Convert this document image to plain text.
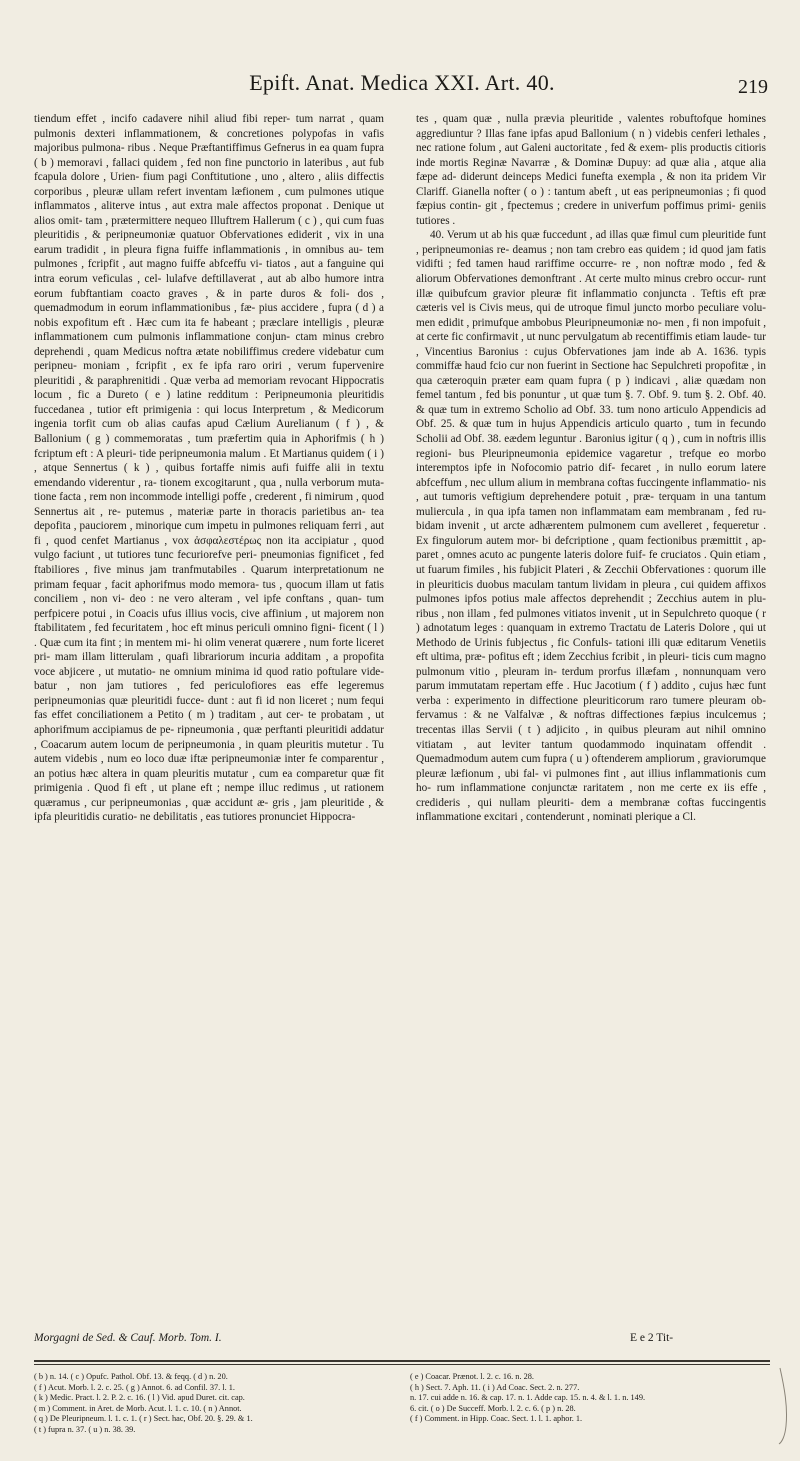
Epift. Anat. Medica XXI. Art. 40.	219

tiendum effet , incifo cadavere nihil aliud fibi reper- tum narrat , quam pulmonis dexteri inflammationem, & concretiones polypofas in vafis majoribus pulmona- ribus . Neque Præftantiffimus Gefnerus in ea quam fupra ( b ) memoravi , fallaci quidem , fed non fine punctorio in lateribus , aut fub fcapula dolore , Urien- fium pagi Conftitutione , uno , altero , aliis diffectis corporibus , pleuræ ullam refert inventam læfionem , cum pulmones utique inflammatos , aliterve intus , aut extra male affectos proponat . Denique ut alios omit- tam , prætermittere nequeo Illuftrem Hallerum ( c ) , qui cum fuas pleuritidis , & peripneumoniæ quatuor Obfervationes ediderit , vix in una earum tradidit , in pleura figna fuiffe inflammationis , in omnibus au- tem pulmones , fcripfit , aut magno fuiffe abfceffu vi- tiatos , aut a fanguine qui intra eorum veficulas , cel- lulafve deftillaverat , aut ab albo humore intra eorum fubftantiam coacto graves , & in parte duros & foli- dos , quemadmodum in eorum inflammationibus , fæ- pius accidere , fupra ( d ) a nobis expofitum eft . Hæc cum ita fe habeant ; præclare intelligis , pleuræ inflammationem cum pulmonis inflammatione conjun- ctam minus crebro deprehendi , quam Medicus noftra ætate nobiliffimus credere videbatur cum peripneu- moniam , fcripfit , ex fe ipfa raro oriri , verum fupervenire pleuritidi , & paraphrenitidi . Quæ verba ad memoriam revocant Hippocratis locum , fic a Dureto ( e ) latine redditum : Peripneumonia pleuritidis fuccedanea , tutior eft primigenia : qui locus Interpretum , & Medicorum ingenia torfit cum ob alias caufas apud Cælium Aurelianum ( f ) , & Ballonium ( g ) commemoratas , tum præfertim quia in Aphorifmis ( h ) fcriptum eft : A pleuri- tide peripneumonia malum . Et Martianus quidem ( i ) , atque Sennertus ( k ) , quibus fortaffe nimis aufi fuiffe alii in textu emendando viderentur , ra- tionem excogitarunt , qua , nulla verborum muta- tione facta , rem non incommode intelligi poffe , crederent , fi nimirum , quod Sennertus ait , re- putemus , materiæ parte in thoracis parietibus an- tea depofita , pauciorem , minorique cum impetu in pulmones reliquam ferri , aut fi , quod cenfet Martianus , vox ἀσφαλεστέρως non ita accipiatur , quod vulgo faciunt , ut tutiores tunc fecuriorefve peri- pneumonias fignificet , fed ftabiliores , five minus jam tranfmutabiles . Quarum interpretationum ne primam fequar , facit aphorifmus modo memora- tus , quocum illam ut fatis conciliem , non vi- deo : ne vero alteram , vel ipfe conftans , quan- tum perfpicere potui , in Coacis ufus illius vocis, cive affinium , ut majorem non ftabilitatem , fed fecuritatem , hoc eft minus periculi omnino figni- ficent ( l ) . Quæ cum ita fint ; in mentem mi- hi olim venerat quærere , num forte liceret pri- mam illam litterulam , quafi librariorum incuria additam , a propofita voce abjicere , ut mutatio- ne omnium minima id quod ratio poftulare vide- batur , non jam tutiores , fed periculofiores eas effe legeremus peripneumonias quæ pleuritidi fucce- dunt : aut fi id non liceret ; num fequi fas effet conciliationem a Petito ( m ) traditam , aut cer- te probatam , ut aphorifmum accipiamus de pe- ripneumonia , quæ perftanti pleuritidi addatur , Coacarum autem locum de peripneumonia , in quam pleuritis mutetur . Tu autem videbis , num eo loco duæ iftæ peripneumoniæ inter fe comparentur , an potius hæc altera in quam pleuritis mutatur , cum ea comparetur quæ fit primigenia . Quod fi eft , ut plane eft ; nempe illuc redimus , ut rationem quæramus , cur peripneumonias , quæ accidunt æ- gris , jam pleuritide , & ipfa pleuritidis curatio- ne debilitatis , eas tutiores pronunciet Hippocra-

tes , quam quæ , nulla prævia pleuritide , valentes robuftofque homines aggrediuntur ? Illas fane ipfas apud Ballonium ( n ) videbis cenferi lethales , nec ratione folum , aut Galeni auctoritate , fed & exem- plis productis citioris inde mortis Reginæ Navarræ , & Dominæ Dupuy: ad quæ alia , atque alia fæpe ad- diderunt deinceps Medici funefta exempla , & non ita pridem Vir Clariff. Gianella nofter ( o ) : tantum abeft , ut eas peripneumonias ; fi quod fæpius contin- git , fpectemus ; credere in univerfum poffimus primi- geniis tutiores .

40. Verum ut ab his quæ fuccedunt , ad illas quæ fimul cum pleuritide funt , peripneumonias re- deamus ; non tam crebro eas quidem ; id quod jam fatis vidifti ; fed tamen haud rariffime occurre- re , non noftræ modo , fed & aliorum Obfervationes demonftrant . At certe multo minus crebro occur- runt illæ quibufcum gravior pleuræ fit inflammatio conjuncta . Teftis eft præ cæteris vel is Civis meus, qui de utroque fimul juncto morbo peculiare volu- men edidit , primufque ambobus Pleuripneumoniæ no- men , fi non impofuit , at certe fic confirmavit , ut nunc pervulgatum ab recentiffimis etiam laude- tur , Vincentius Baronius : cujus Obfervationes jam inde ab A. 1636. typis commiffæ haud fcio cur non fuerint in Sectione hac Sepulchreti propofitæ , in qua cæteroquin præter eam quam fupra ( p ) indicavi , aliæ quædam non femel tantum , fed bis ponuntur , ut quæ tum §. 7. Obf. 9. tum §. 2. Obf. 40. & quæ tum in extremo Scholio ad Obf. 33. tum nono articulo Appendicis ad Obf. 25. & quæ tum in hujus Appendicis articulo quarto , tum in fecundo Scholii ad Obf. 38. eædem leguntur . Baronius igitur ( q ) , cum in noftris illis regioni- bus Pleuripneumonia epidemice vagaretur , trefque eo morbo interemptos ipfe in Nofocomio patrio dif- fecaret , in nullo eorum latere abfceffum , nec ullum alium in membrana coftas fuccingente inflammatio- nis , aut tumoris veftigium deprehendere potuit , præ- terquam in una tantum muliercula , in qua ipfa tamen non inflammatam eam membranam , fed ru- bidam invenit , ut arcte adhærentem pulmonem cum avelleret , fequeretur . Ex fingulorum autem mor- bi defcriptione , quam fectionibus præmittit , ap- paret , omnes acuto ac pungente lateris dolore fuif- fe cruciatos . Quin etiam , ut fuarum fimiles , his fubjicit Plateri , & Zecchii Obfervationes : quorum ille in pleuriticis duobus maculam tantum lividam in pleura , cui quidem affixos pulmones ipfos potius male affectos deprehendit ; Zecchius autem in plu- ribus , non illam , fed pulmones vitiatos invenit , ut in Sepulchreto quoque ( r ) adnotatum leges : quanquam in extremo Tractatu de Lateris Dolore , qui ut Methodo de Urinis fubjectus , fic Confuls- tationi illi quæ editarum Venetiis eft ultima, præ- pofitus eft ; idem Zecchius fcribit , in pleuri- ticis cum magno pulmonum vitio , pleuram in- terdum prorfus illæfam , nonnunquam vero parum immutatam repertam effe . Huc Jacotium ( f ) addito , cujus hæc funt verba : experimento in diffectione pleuriticorum raro tumere pleuram ob- fervamus : & ne Valfalvæ , & noftras diffectiones fæpius inculcemus ; trecentas illas Servii ( t ) adjicito , in quibus pleuram aut nihil omnino vitiatam , aut leviter tantum quodammodo inquinatam offendit . Quemadmodum autem cum fupra ( u ) oftenderem ampliorum , graviorumque pleuræ læfionum , ubi fal- vi pulmones fint , aut illius inflammationis cum ho- rum inflammatione conjunctæ raritatem , non me certe ex iis effe , credideris , qui nullam pleuriti- dem a membranæ coftas fuccingentis inflammatione excitari , contenderunt , nominati plerique a Cl.

Morgagni de Sed. & Cauf. Morb. Tom. I.	E e 2 Tit-
( b ) n. 14. ( c ) Opufc. Pathol. Obf. 13. & feqq. ( d ) n. 20.
( f ) Acut. Morb. l. 2. c. 25. ( g ) Annot. 6. ad Confil. 37. l. 1.
( k ) Medic. Pract. l. 2. P. 2. c. 16. ( l ) Vid. apud Duret. cit. cap.
( m ) Comment. in Aret. de Morb. Acut. l. 1. c. 10. ( n ) Annot.
( q ) De Pleuripneum. l. 1. c. 1. ( r ) Sect. hac, Obf. 20. §. 29. & 1.
( t ) fupra n. 37. ( u ) n. 38. 39.
( e ) Coacar. Prænot. l. 2. c. 16. n. 28.
( h ) Sect. 7. Aph. 11. ( i ) Ad Coac. Sect. 2. n. 277.
n. 17. cui adde n. 16. & cap. 17. n. 1. Adde cap. 15. n. 4. & l. 1. n. 149.
6. cit. ( o ) De Succeff. Morb. l. 2. c. 6. ( p ) n. 28.
( f ) Comment. in Hipp. Coac. Sect. 1. l. 1. aphor. 1.
